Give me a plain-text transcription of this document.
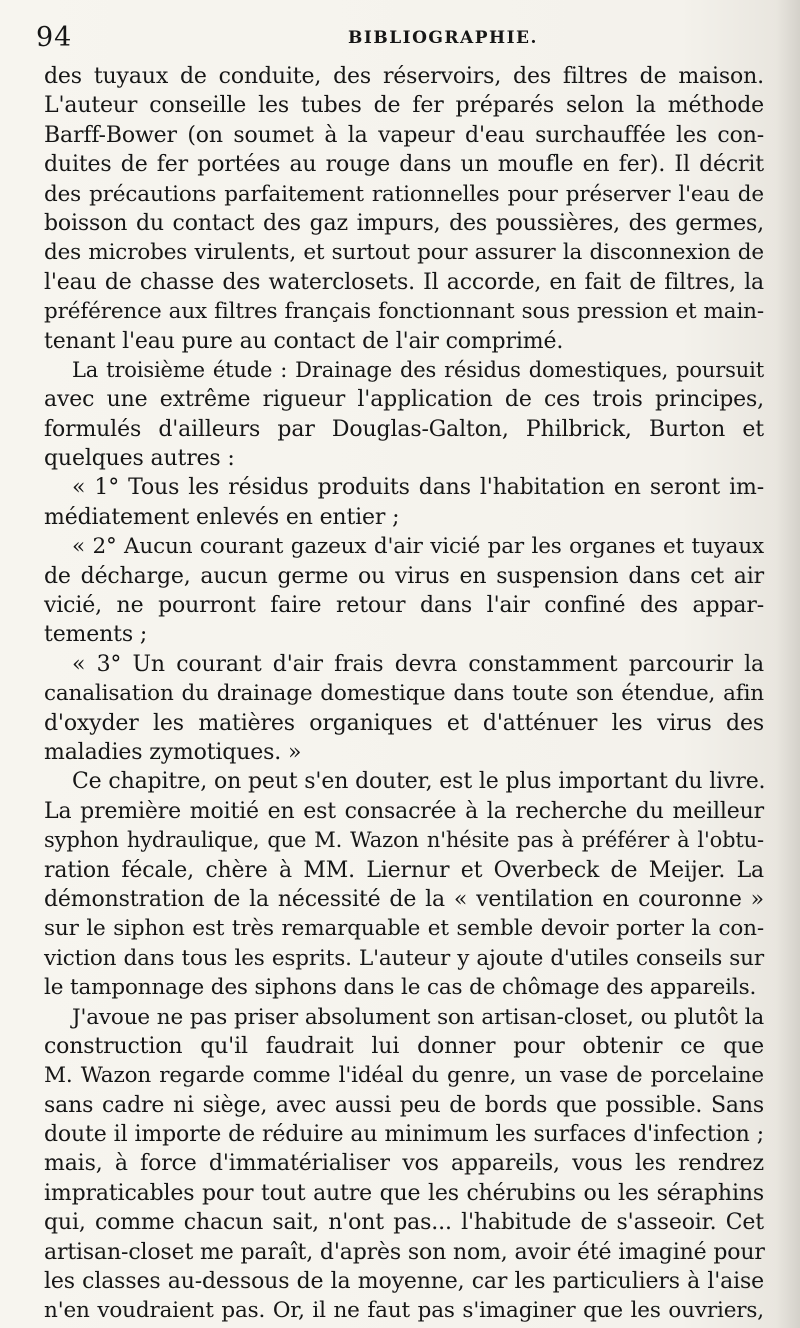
94	BIBLIOGRAPHIE.
des tuyaux de conduite, des réservoirs, des filtres de maison.
L'auteur conseille les tubes de fer préparés selon la méthode
Barff-Bower (on soumet à la vapeur d'eau surchauffée les con-
duites de fer portées au rouge dans un moufle en fer). Il décrit
des précautions parfaitement rationnelles pour préserver l'eau de
boisson du contact des gaz impurs, des poussières, des germes,
des microbes virulents, et surtout pour assurer la disconnexion de
l'eau de chasse des waterclosets. Il accorde, en fait de filtres, la
préférence aux filtres français fonctionnant sous pression et main-
tenant l'eau pure au contact de l'air comprimé.
La troisième étude : Drainage des résidus domestiques, poursuit
avec une extrême rigueur l'application de ces trois principes,
formulés d'ailleurs par Douglas-Galton, Philbrick, Burton et
quelques autres :
« 1° Tous les résidus produits dans l'habitation en seront im-
médiatement enlevés en entier ;
« 2° Aucun courant gazeux d'air vicié par les organes et tuyaux
de décharge, aucun germe ou virus en suspension dans cet air
vicié, ne pourront faire retour dans l'air confiné des appar-
tements ;
« 3° Un courant d'air frais devra constamment parcourir la
canalisation du drainage domestique dans toute son étendue, afin
d'oxyder les matières organiques et d'atténuer les virus des
maladies zymotiques. »
Ce chapitre, on peut s'en douter, est le plus important du livre.
La première moitié en est consacrée à la recherche du meilleur
syphon hydraulique, que M. Wazon n'hésite pas à préférer à l'obtu-
ration fécale, chère à MM. Liernur et Overbeck de Meijer. La
démonstration de la nécessité de la « ventilation en couronne »
sur le siphon est très remarquable et semble devoir porter la con-
viction dans tous les esprits. L'auteur y ajoute d'utiles conseils sur
le tamponnage des siphons dans le cas de chômage des appareils.
J'avoue ne pas priser absolument son artisan-closet, ou plutôt la
construction qu'il faudrait lui donner pour obtenir ce que
M. Wazon regarde comme l'idéal du genre, un vase de porcelaine
sans cadre ni siège, avec aussi peu de bords que possible. Sans
doute il importe de réduire au minimum les surfaces d'infection ;
mais, à force d'immatérialiser vos appareils, vous les rendrez
impraticables pour tout autre que les chérubins ou les séraphins
qui, comme chacun sait, n'ont pas... l'habitude de s'asseoir. Cet
artisan-closet me paraît, d'après son nom, avoir été imaginé pour
les classes au-dessous de la moyenne, car les particuliers à l'aise
n'en voudraient pas. Or, il ne faut pas s'imaginer que les ouvriers,
